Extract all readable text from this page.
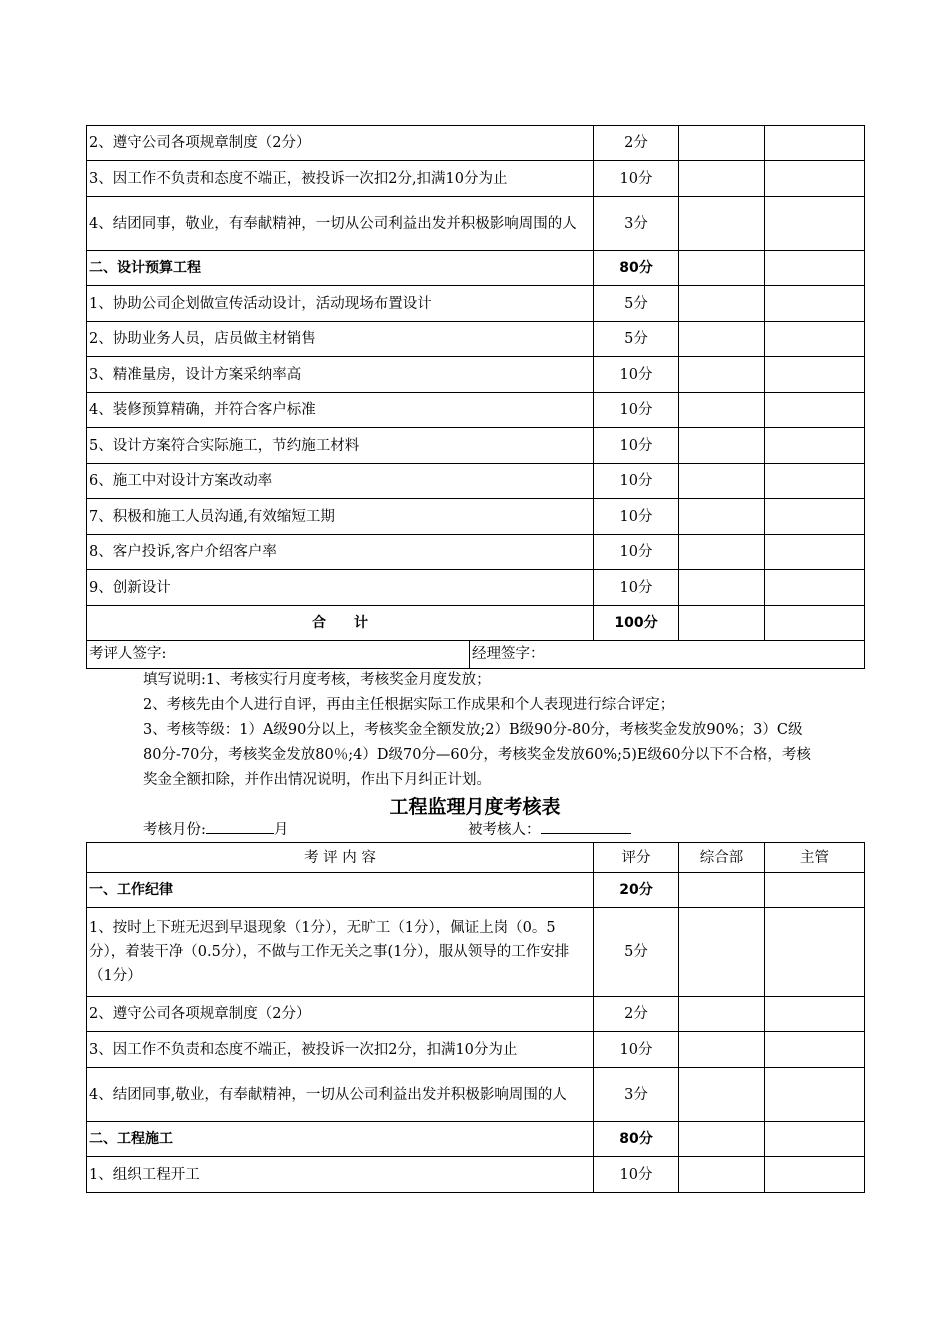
2、遵守公司各项规章制度（2分）	2分		
3、因工作不负责和态度不端正，被投诉一次扣2分,扣满10分为止	10分		
4、结团同事，敬业，有奉献精神，一切从公司利益出发并积极影响周围的人	3分		
二、设计预算工程	80分		
1、协助公司企划做宣传活动设计，活动现场布置设计	5分		
2、协助业务人员，店员做主材销售	5分		
3、精准量房，设计方案采纳率高	10分		
4、装修预算精确，并符合客户标准	10分		
5、设计方案符合实际施工，节约施工材料	10分		
6、施工中对设计方案改动率	10分		
7、积极和施工人员沟通,有效缩短工期	10分		
8、客户投诉,客户介绍客户率	10分		
9、创新设计	10分		
合　　计	100分		

考评人签字: 经理签字：			
填写说明:1、考核实行月度考核，考核奖金月度发放；
2、考核先由个人进行自评，再由主任根据实际工作成果和个人表现进行综合评定；
3、考核等级：1）A级90分以上，考核奖金全额发放;2）B级90分-80分，考核奖金发放90%；3）C级80分-70分，考核奖金发放80％;4）D级70分—60分，考核奖金发放60%;5)E级60分以下不合格，考核奖金全额扣除，并作出情况说明，作出下月纠正计划。
工程监理月度考核表
考核月份:	月	被考核人：
考 评 内 容	评分	综合部	主管
一、工作纪律	20分		
1、按时上下班无迟到早退现象（1分），无旷工（1分），佩证上岗（0。5分），着装干净（0.5分），不做与工作无关之事(1分），服从领导的工作安排（1分）	5分		
2、遵守公司各项规章制度（2分）	2分		
3、因工作不负责和态度不端正，被投诉一次扣2分，扣满10分为止	10分		
4、结团同事,敬业，有奉献精神，一切从公司利益出发并积极影响周围的人	3分		
二、工程施工	80分		
1、组织工程开工	10分		
